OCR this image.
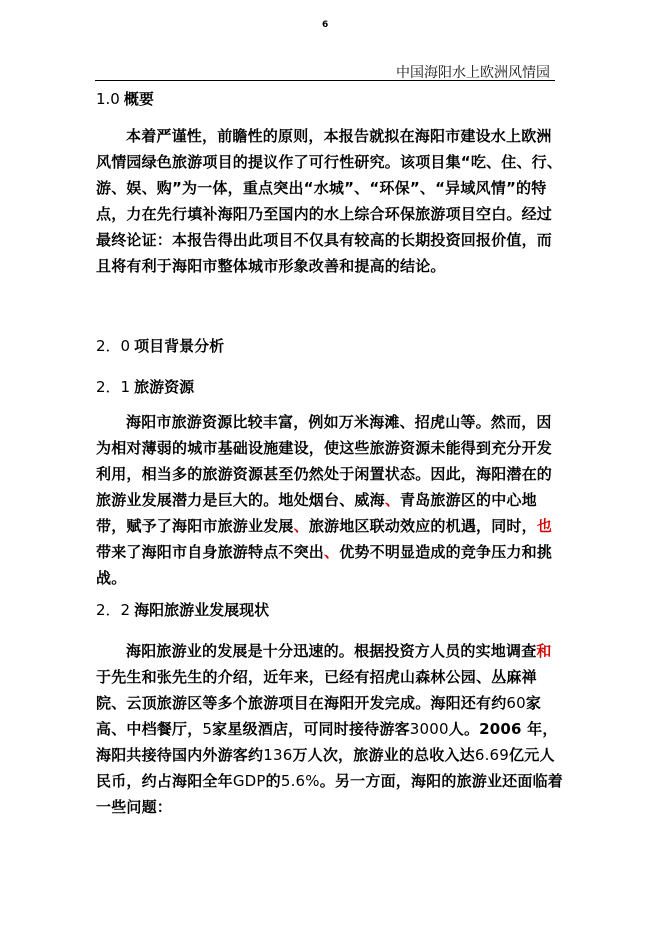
6
中国海阳水上欧洲风情园
1.0 概要

本着严谨性，前瞻性的原则，本报告就拟在海阳市建设水上欧洲风情园绿色旅游项目的提议作了可行性研究。该项目集“吃、住、行、游、娱、购”为一体，重点突出“水城”、“环保”、“异域风情”的特点，力在先行填补海阳乃至国内的水上综合环保旅游项目空白。经过最终论证：本报告得出此项目不仅具有较高的长期投资回报价值，而且将有利于海阳市整体城市形象改善和提高的结论。

2．0 项目背景分析
2．1 旅游资源

海阳市旅游资源比较丰富，例如万米海滩、招虎山等。然而，因为相对薄弱的城市基础设施建设，使这些旅游资源未能得到充分开发利用，相当多的旅游资源甚至仍然处于闲置状态。因此，海阳潜在的旅游业发展潜力是巨大的。地处烟台、威海、青岛旅游区的中心地带，赋予了海阳市旅游业发展、旅游地区联动效应的机遇，同时，也带来了海阳市自身旅游特点不突出、优势不明显造成的竞争压力和挑战。

2．2 海阳旅游业发展现状

海阳旅游业的发展是十分迅速的。根据投资方人员的实地调查和于先生和张先生的介绍，近年来，已经有招虎山森林公园、丛麻禅院、云顶旅游区等多个旅游项目在海阳开发完成。海阳还有约60家高、中档餐厅，5家星级酒店，可同时接待游客3000人。2006 年，海阳共接待国内外游客约136万人次，旅游业的总收入达6.69亿元人民币，约占海阳全年GDP的5.6%。另一方面，海阳的旅游业还面临着一些问题：
